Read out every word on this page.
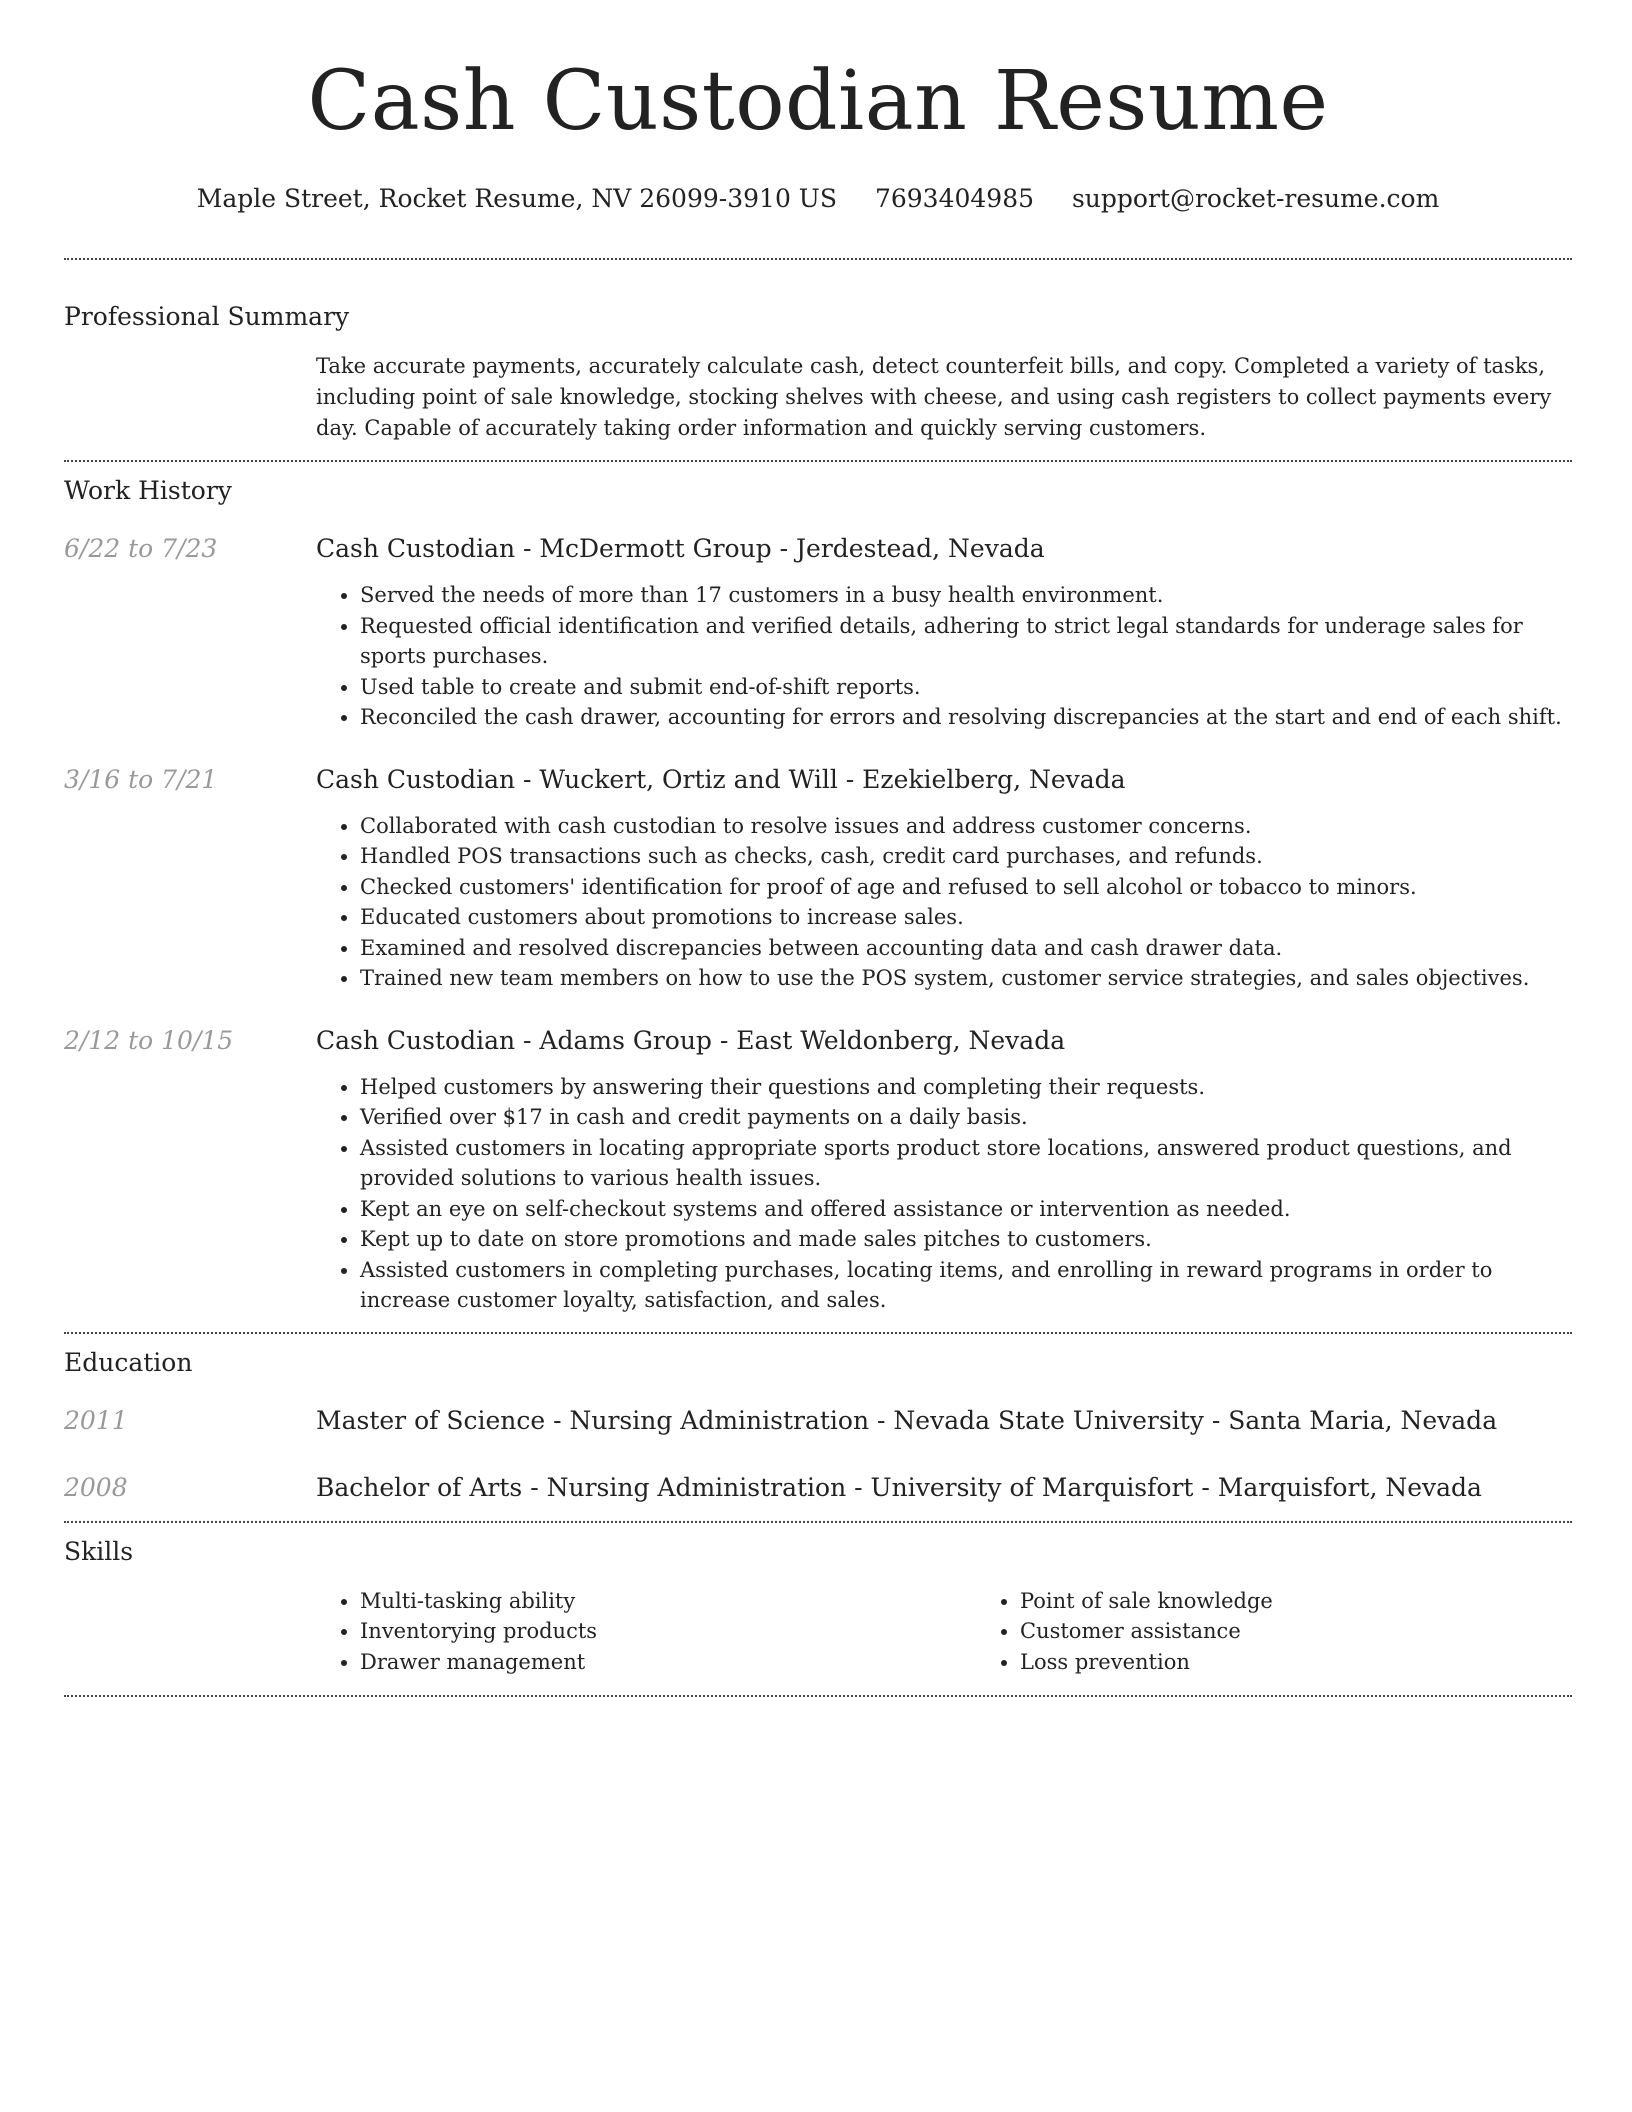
Cash Custodian Resume
Maple Street, Rocket Resume, NV 26099-3910 US 7693404985 support@rocket-resume.com
Professional Summary
Take accurate payments, accurately calculate cash, detect counterfeit bills, and copy. Completed a variety of tasks, including point of sale knowledge, stocking shelves with cheese, and using cash registers to collect payments every day. Capable of accurately taking order information and quickly serving customers.
Work History
6/22 to 7/23	Cash Custodian - McDermott Group - Jerdestead, Nevada
• Served the needs of more than 17 customers in a busy health environment.
• Requested official identification and verified details, adhering to strict legal standards for underage sales for sports purchases.
• Used table to create and submit end-of-shift reports.
• Reconciled the cash drawer, accounting for errors and resolving discrepancies at the start and end of each shift.
3/16 to 7/21	Cash Custodian - Wuckert, Ortiz and Will - Ezekielberg, Nevada
• Collaborated with cash custodian to resolve issues and address customer concerns.
• Handled POS transactions such as checks, cash, credit card purchases, and refunds.
• Checked customers' identification for proof of age and refused to sell alcohol or tobacco to minors.
• Educated customers about promotions to increase sales.
• Examined and resolved discrepancies between accounting data and cash drawer data.
• Trained new team members on how to use the POS system, customer service strategies, and sales objectives.
2/12 to 10/15	Cash Custodian - Adams Group - East Weldonberg, Nevada
• Helped customers by answering their questions and completing their requests.
• Verified over $17 in cash and credit payments on a daily basis.
• Assisted customers in locating appropriate sports product store locations, answered product questions, and provided solutions to various health issues.
• Kept an eye on self-checkout systems and offered assistance or intervention as needed.
• Kept up to date on store promotions and made sales pitches to customers.
• Assisted customers in completing purchases, locating items, and enrolling in reward programs in order to increase customer loyalty, satisfaction, and sales.
Education
2011	Master of Science - Nursing Administration - Nevada State University - Santa Maria, Nevada
2008	Bachelor of Arts - Nursing Administration - University of Marquisfort - Marquisfort, Nevada
Skills
• Multi-tasking ability
• Inventorying products
• Drawer management
• Point of sale knowledge
• Customer assistance
• Loss prevention
